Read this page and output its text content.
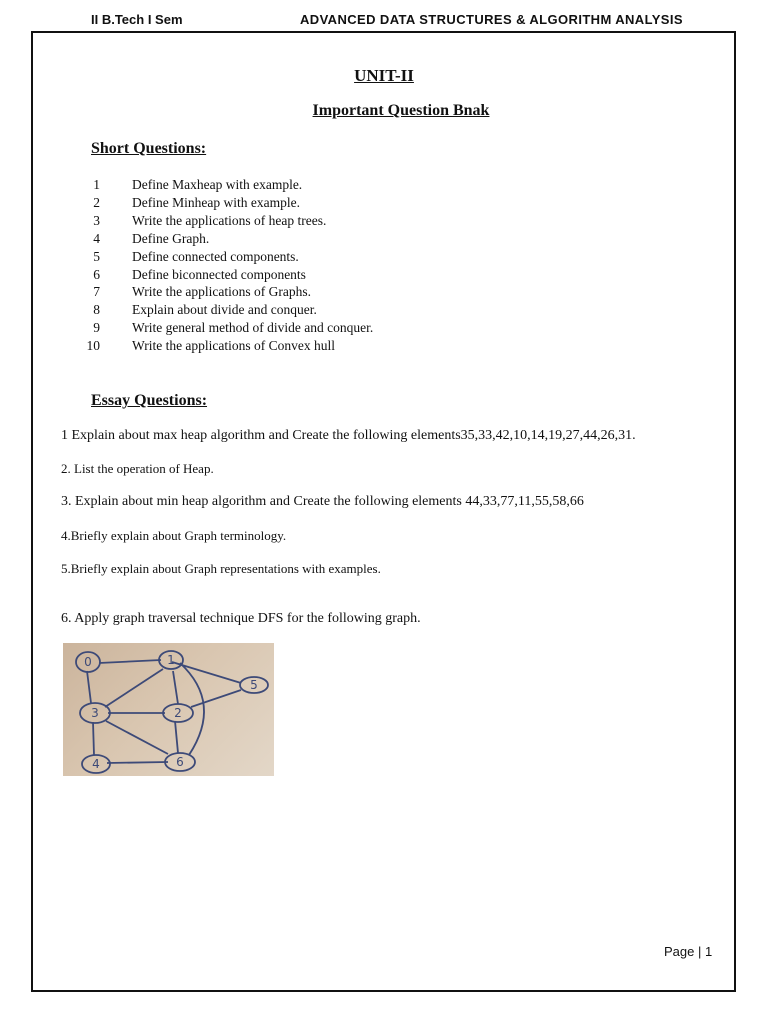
II B.Tech I Sem	ADVANCED DATA STRUCTURES & ALGORITHM ANALYSIS
UNIT-II
Important Question Bnak
Short Questions:
1 Define Maxheap with example.
2 Define Minheap with example.
3 Write the applications of heap trees.
4 Define Graph.
5 Define connected components.
6 Define biconnected components
7 Write the applications of Graphs.
8 Explain about divide and conquer.
9 Write general method of divide and conquer.
10 Write the applications of Convex hull
Essay Questions:
1 Explain about max heap algorithm and Create the following elements35,33,42,10,14,19,27,44,26,31.
2. List the operation of Heap.
3. Explain about min heap algorithm and Create the following elements 44,33,77,11,55,58,66
4.Briefly explain about Graph terminology.
5.Briefly explain about Graph representations with examples.
6. Apply graph traversal technique DFS for the following graph.
0	1
5
3	2
4	6
Page | 1
